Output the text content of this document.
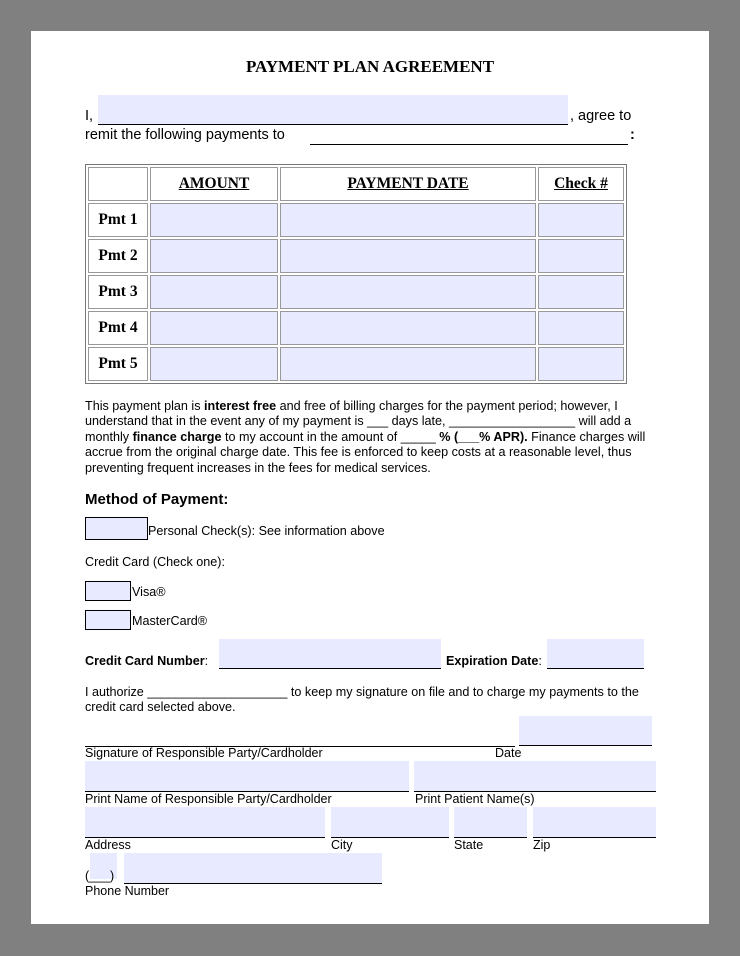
PAYMENT PLAN AGREEMENT
I,	, agree to
remit the following payments to	:
	AMOUNT	PAYMENT DATE	Check #
Pmt 1			
Pmt 2			
Pmt 3			
Pmt 4			
Pmt 5			
This payment plan is interest free and free of billing charges for the payment period; however, I understand that in the event any of my payment is ___ days late, __________________ will add a monthly finance charge to my account in the amount of _____ % (___% APR). Finance charges will accrue from the original charge date. This fee is enforced to keep costs at a reasonable level, thus preventing frequent increases in the fees for medical services.
Method of Payment:
Personal Check(s): See information above
Credit Card (Check one):
Visa®
MasterCard®
Credit Card Number:	Expiration Date:
I authorize ____________________ to keep my signature on file and to charge my payments to the credit card selected above.
Signature of Responsible Party/Cardholder	Date
Print Name of Responsible Party/Cardholder	Print Patient Name(s)
Address	City	State	Zip
(___)
Phone Number
